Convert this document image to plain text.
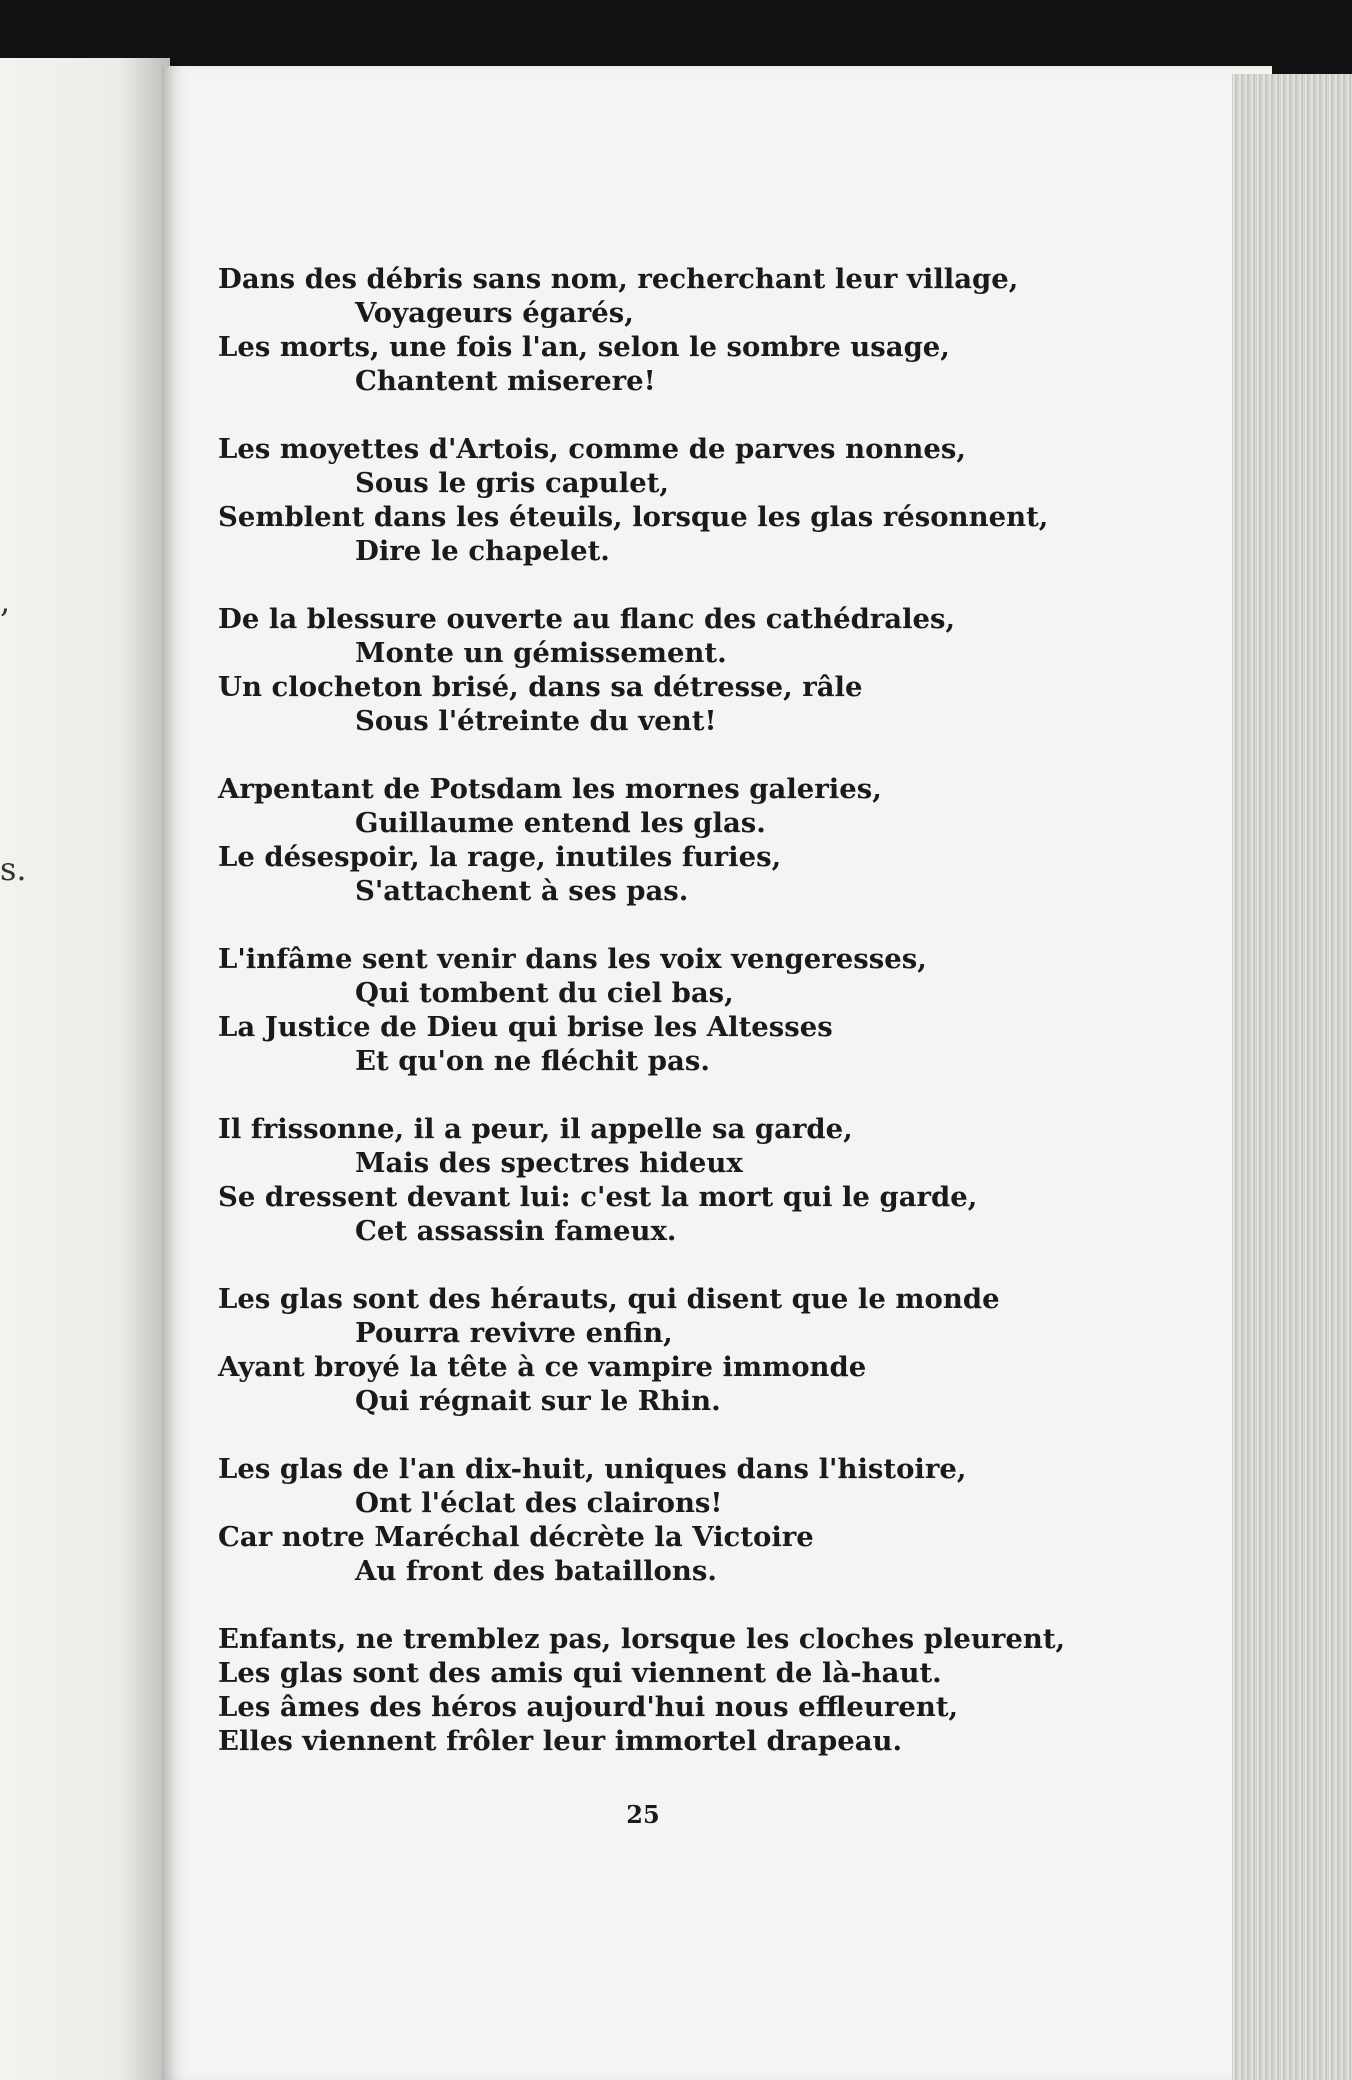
,
s.
Dans des débris sans nom, recherchant leur village,
Voyageurs égarés,
Les morts, une fois l'an, selon le sombre usage,
Chantent miserere!
Les moyettes d'Artois, comme de parves nonnes,
Sous le gris capulet,
Semblent dans les éteuils, lorsque les glas résonnent,
Dire le chapelet.
De la blessure ouverte au flanc des cathédrales,
Monte un gémissement.
Un clocheton brisé, dans sa détresse, râle
Sous l'étreinte du vent!
Arpentant de Potsdam les mornes galeries,
Guillaume entend les glas.
Le désespoir, la rage, inutiles furies,
S'attachent à ses pas.
L'infâme sent venir dans les voix vengeresses,
Qui tombent du ciel bas,
La Justice de Dieu qui brise les Altesses
Et qu'on ne fléchit pas.
Il frissonne, il a peur, il appelle sa garde,
Mais des spectres hideux
Se dressent devant lui: c'est la mort qui le garde,
Cet assassin fameux.
Les glas sont des hérauts, qui disent que le monde
Pourra revivre enfin,
Ayant broyé la tête à ce vampire immonde
Qui régnait sur le Rhin.
Les glas de l'an dix-huit, uniques dans l'histoire,
Ont l'éclat des clairons!
Car notre Maréchal décrète la Victoire
Au front des bataillons.
Enfants, ne tremblez pas, lorsque les cloches pleurent,
Les glas sont des amis qui viennent de là-haut.
Les âmes des héros aujourd'hui nous effleurent,
Elles viennent frôler leur immortel drapeau.
25
